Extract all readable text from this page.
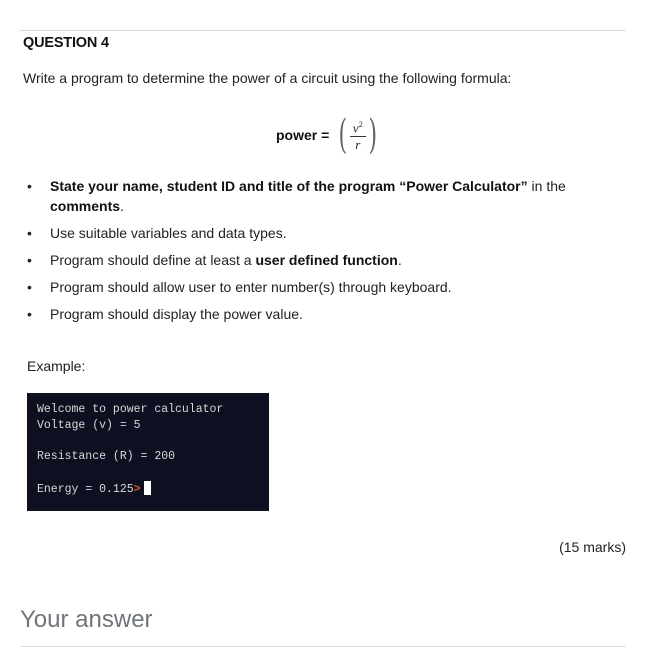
QUESTION 4
Write a program to determine the power of a circuit using the following formula:
power = ( $\frac{v^2}{r}$ )
• State your name, student ID and title of the program “Power Calculator” in the comments.
• Use suitable variables and data types.
• Program should define at least a user defined function.
• Program should allow user to enter number(s) through keyboard.
• Program should display the power value.
Example:
Welcome to power calculator
Voltage (v) = 5
Resistance (R) = 200
Energy = 0.125>
(15 marks)
Your answer
